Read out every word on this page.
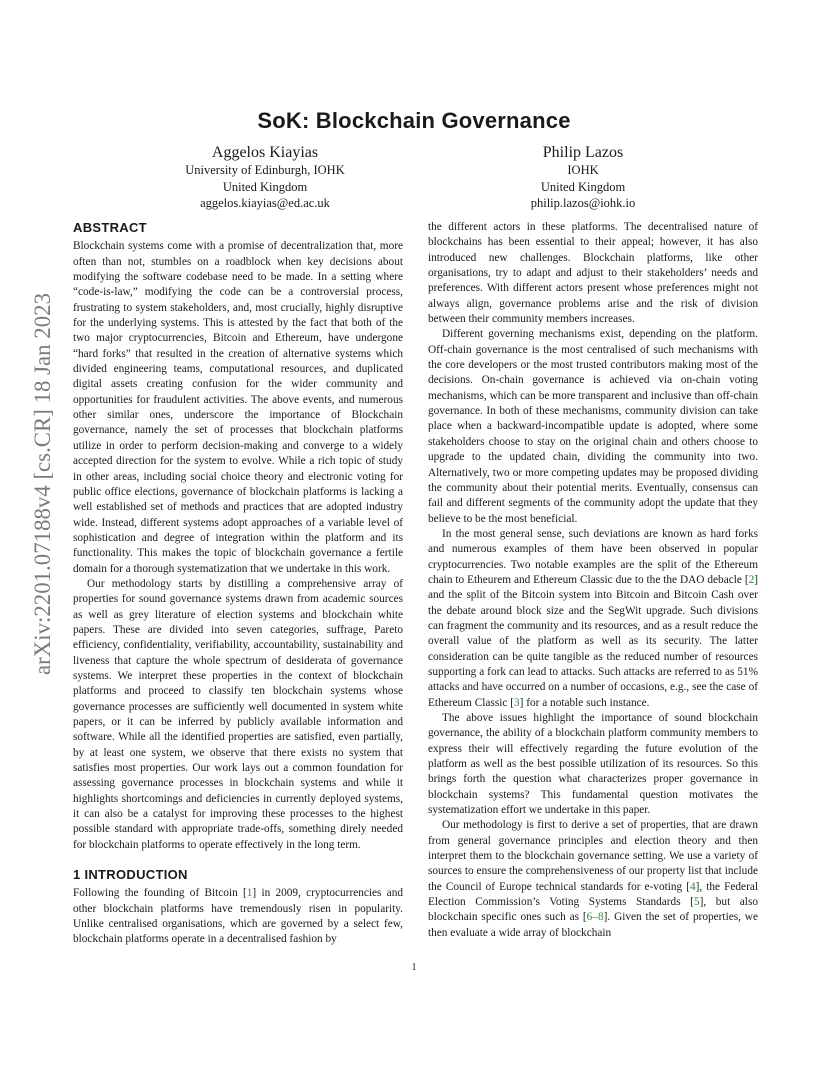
arXiv:2201.07188v4 [cs.CR] 18 Jan 2023
SoK: Blockchain Governance
Aggelos Kiayias
University of Edinburgh, IOHK
United Kingdom
aggelos.kiayias@ed.ac.uk
Philip Lazos
IOHK
United Kingdom
philip.lazos@iohk.io
ABSTRACT

Blockchain systems come with a promise of decentralization that, more often than not, stumbles on a roadblock when key decisions about modifying the software codebase need to be made. In a setting where “code-is-law,” modifying the code can be a controversial process, frustrating to system stakeholders, and, most crucially, highly disruptive for the underlying systems. This is attested by the fact that both of the two major cryptocurrencies, Bitcoin and Ethereum, have undergone “hard forks” that resulted in the creation of alternative systems which divided engineering teams, computational resources, and duplicated digital assets creating confusion for the wider community and opportunities for fraudulent activities. The above events, and numerous other similar ones, underscore the importance of Blockchain governance, namely the set of processes that blockchain platforms utilize in order to perform decision-making and converge to a widely accepted direction for the system to evolve. While a rich topic of study in other areas, including social choice theory and electronic voting for public office elections, governance of blockchain platforms is lacking a well established set of methods and practices that are adopted industry wide. Instead, different systems adopt approaches of a variable level of sophistication and degree of integration within the platform and its functionality. This makes the topic of blockchain governance a fertile domain for a thorough systematization that we undertake in this work.

Our methodology starts by distilling a comprehensive array of properties for sound governance systems drawn from academic sources as well as grey literature of election systems and blockchain white papers. These are divided into seven categories, suffrage, Pareto efficiency, confidentiality, verifiability, accountability, sustainability and liveness that capture the whole spectrum of desiderata of governance systems. We interpret these properties in the context of blockchain platforms and proceed to classify ten blockchain systems whose governance processes are sufficiently well documented in system white papers, or it can be inferred by publicly available information and software. While all the identified properties are satisfied, even partially, by at least one system, we observe that there exists no system that satisfies most properties. Our work lays out a common foundation for assessing governance processes in blockchain systems and while it highlights shortcomings and deficiencies in currently deployed systems, it can also be a catalyst for improving these processes to the highest possible standard with appropriate trade-offs, something direly needed for blockchain platforms to operate effectively in the long term.

1 INTRODUCTION

Following the founding of Bitcoin [1] in 2009, cryptocurrencies and other blockchain platforms have tremendously risen in popularity. Unlike centralised organisations, which are governed by a select few, blockchain platforms operate in a decentralised fashion by

the different actors in these platforms. The decentralised nature of blockchains has been essential to their appeal; however, it has also introduced new challenges. Blockchain platforms, like other organisations, try to adapt and adjust to their stakeholders’ needs and preferences. With different actors present whose preferences might not always align, governance problems arise and the risk of division between their community members increases.

Different governing mechanisms exist, depending on the platform. Off-chain governance is the most centralised of such mechanisms with the core developers or the most trusted contributors making most of the decisions. On-chain governance is achieved via on-chain voting mechanisms, which can be more transparent and inclusive than off-chain governance. In both of these mechanisms, community division can take place when a backward-incompatible update is adopted, where some stakeholders choose to stay on the original chain and others choose to upgrade to the updated chain, dividing the community into two. Alternatively, two or more competing updates may be proposed dividing the community about their potential merits. Eventually, consensus can fail and different segments of the community adopt the update that they believe to be the most beneficial.

In the most general sense, such deviations are known as hard forks and numerous examples of them have been observed in popular cryptocurrencies. Two notable examples are the split of the Ethereum chain to Etheurem and Ethereum Classic due to the the DAO debacle [2] and the split of the Bitcoin system into Bitcoin and Bitcoin Cash over the debate around block size and the SegWit upgrade. Such divisions can fragment the community and its resources, and as a result reduce the overall value of the platform as well as its security. The latter consideration can be quite tangible as the reduced number of resources supporting a fork can lead to attacks. Such attacks are referred to as 51% attacks and have occurred on a number of occasions, e.g., see the case of Ethereum Classic [3] for a notable such instance.

The above issues highlight the importance of sound blockchain governance, the ability of a blockchain platform community members to express their will effectively regarding the future evolution of the platform as well as the best possible utilization of its resources. So this brings forth the question what characterizes proper governance in blockchain systems? This fundamental question motivates the systematization effort we undertake in this paper.

Our methodology is first to derive a set of properties, that are drawn from general governance principles and election theory and then interpret them to the blockchain governance setting. We use a variety of sources to ensure the comprehensiveness of our property list that include the Council of Europe technical standards for e-voting [4], the Federal Election Commission’s Voting Systems Standards [5], but also blockchain specific ones such as [6–8]. Given the set of properties, we then evaluate a wide array of blockchain

1
